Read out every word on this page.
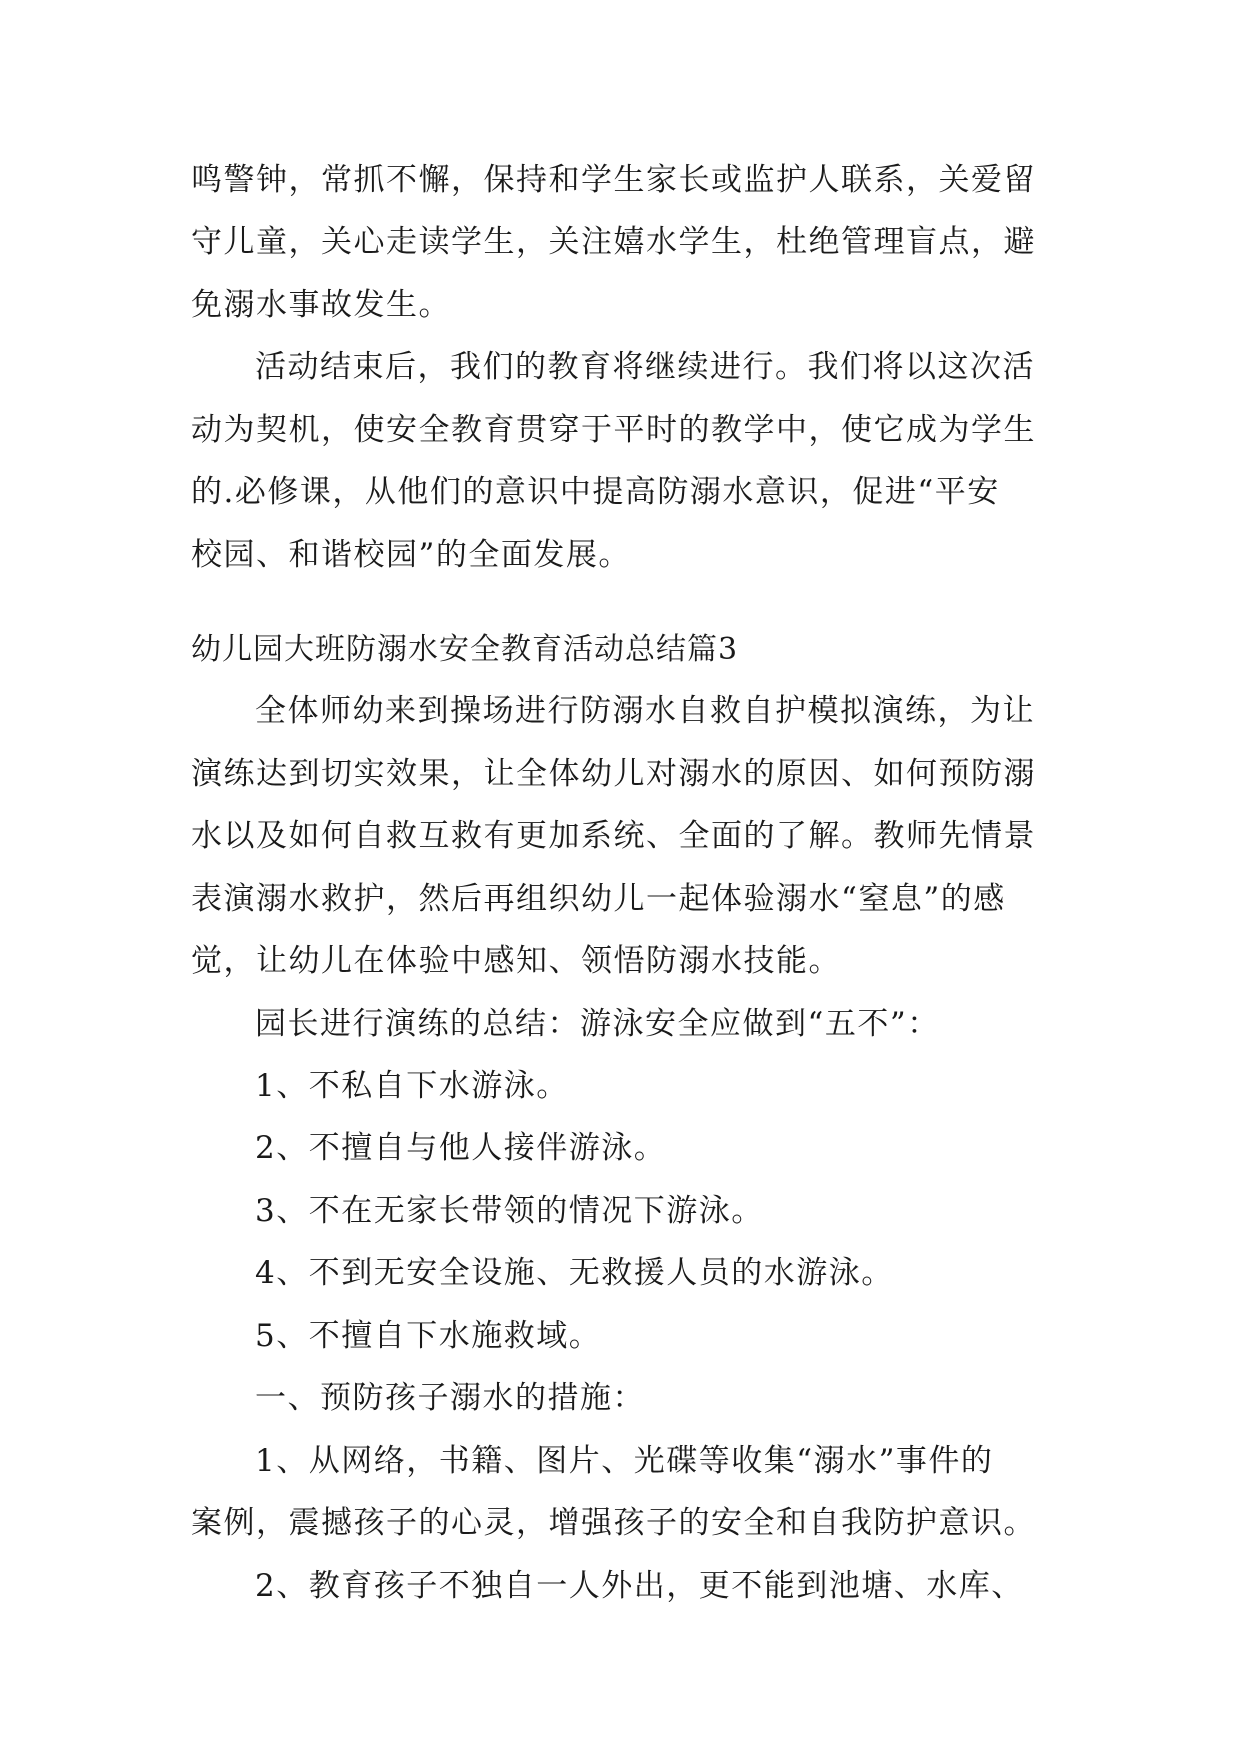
鸣警钟，常抓不懈，保持和学生家长或监护人联系，关爱留
守儿童，关心走读学生，关注嬉水学生，杜绝管理盲点，避
免溺水事故发生。
活动结束后，我们的教育将继续进行。我们将以这次活
动为契机，使安全教育贯穿于平时的教学中，使它成为学生
的.必修课，从他们的意识中提高防溺水意识，促进“平安
校园、和谐校园”的全面发展。
幼儿园大班防溺水安全教育活动总结篇3
全体师幼来到操场进行防溺水自救自护模拟演练，为让
演练达到切实效果，让全体幼儿对溺水的原因、如何预防溺
水以及如何自救互救有更加系统、全面的了解。教师先情景
表演溺水救护，然后再组织幼儿一起体验溺水“窒息”的感
觉，让幼儿在体验中感知、领悟防溺水技能。
园长进行演练的总结：游泳安全应做到“五不”：
1、不私自下水游泳。
2、不擅自与他人接伴游泳。
3、不在无家长带领的情况下游泳。
4、不到无安全设施、无救援人员的水游泳。
5、不擅自下水施救域。
一、预防孩子溺水的措施：
1、从网络，书籍、图片、光碟等收集“溺水”事件的
案例，震撼孩子的心灵，增强孩子的安全和自我防护意识。
2、教育孩子不独自一人外出，更不能到池塘、水库、
